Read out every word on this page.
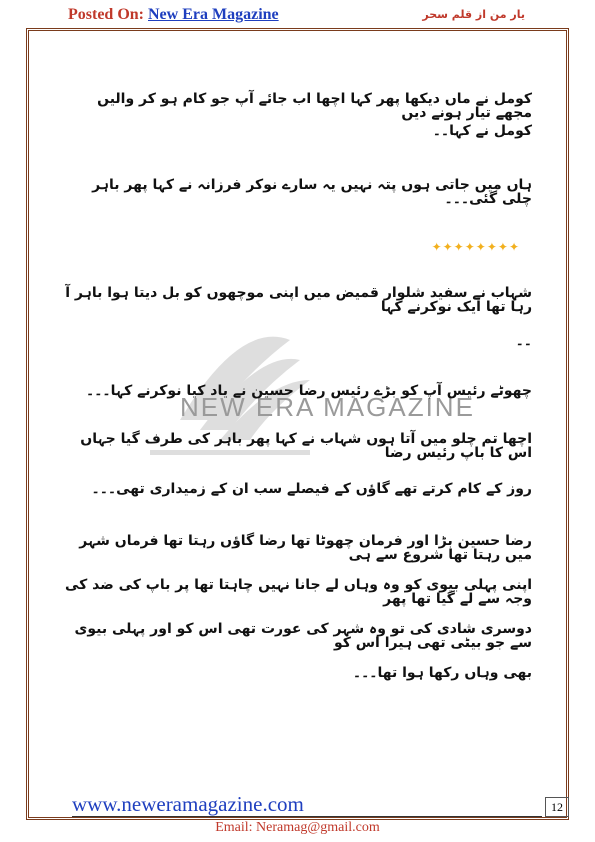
Posted On: New Era Magazine	یار من از قلم سحر
NEW ERA MAGAZINE
کومل نے ماں دیکھا پھر کہا اچھا اب جائے آپ جو کام ہو کر والیں مجھے تیار ہونے دیں
کومل نے کہا۔۔
ہاں میں جاتی ہوں پتہ نہیں یہ سارے نوکر فرزانہ نے کہا پھر باہر چلی گئی۔۔۔
✦✦✦✦✦✦✦✦
شہاب نے سفید شلوار قمیض میں اپنی موچھوں کو بل دیتا ہوا باہر آ رہا تھا ایک نوکرنے کہا
۔۔
چھوٹے رئیس آپ کو بڑے رئیس رضا حسین نے یاد کیا نوکرنے کہا۔۔۔
اچھا تم چلو میں آتا ہوں شہاب نے کہا پھر باہر کی طرف گیا جہاں اس کا باپ رئیس رضا
روز کے کام کرتے تھے گاؤں کے فیصلے سب ان کے زمیداری تھی۔۔۔
رضا حسین بڑا اور فرمان چھوٹا تھا رضا گاؤں رہتا تھا فرماں شہر میں رہتا تھا شروع سے ہی
اپنی پہلی بیوی کو وہ وہاں لے جانا نہیں چاہتا تھا پر باپ کی ضد کی وجہ سے لے گیا تھا پھر
دوسری شادی کی تو وہ شہر کی عورت تھی اس کو اور پہلی بیوی سے جو بیٹی تھی ہیرا اس کو
بھی وہاں رکھا ہوا تھا۔۔۔
www.neweramagazine.com	12
Email: Neramag@gmail.com
